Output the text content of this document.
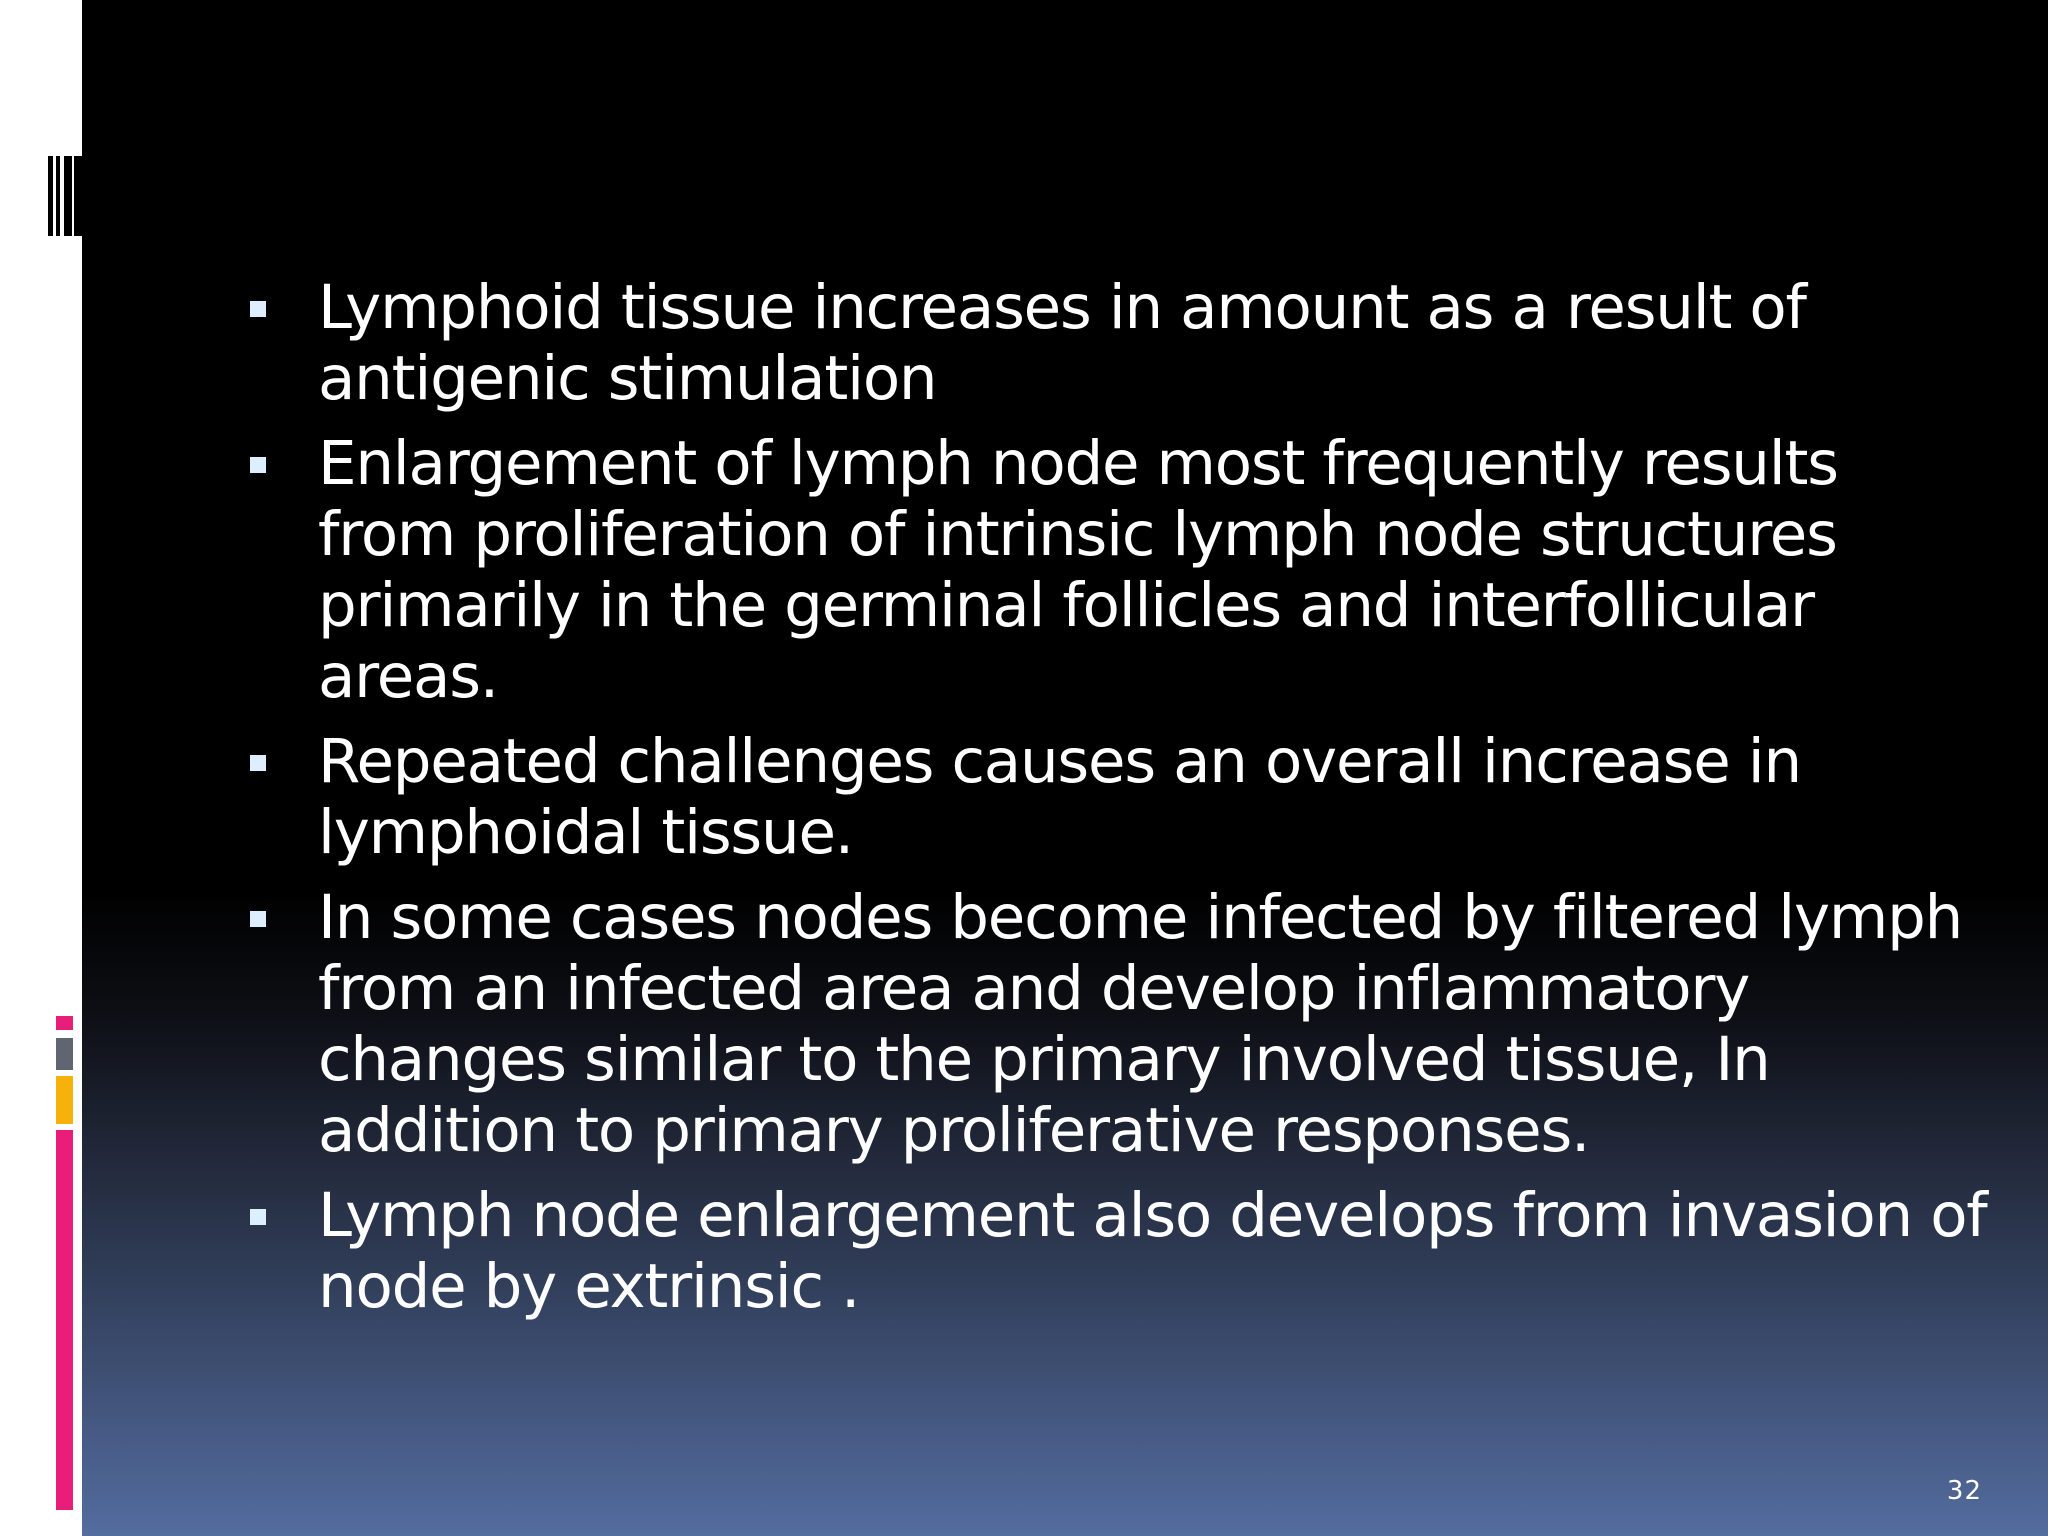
Lymphoid tissue increases in amount as a result of antigenic stimulation
Enlargement of lymph node most frequently results from proliferation of intrinsic lymph node structures primarily in the germinal follicles and interfollicular areas.
Repeated challenges causes an overall increase in lymphoidal tissue.
In some cases nodes become infected by filtered lymph from an infected area and develop inflammatory changes similar to the primary involved tissue, In addition to primary proliferative responses.
Lymph node enlargement also develops from invasion of node by extrinsic .
32
